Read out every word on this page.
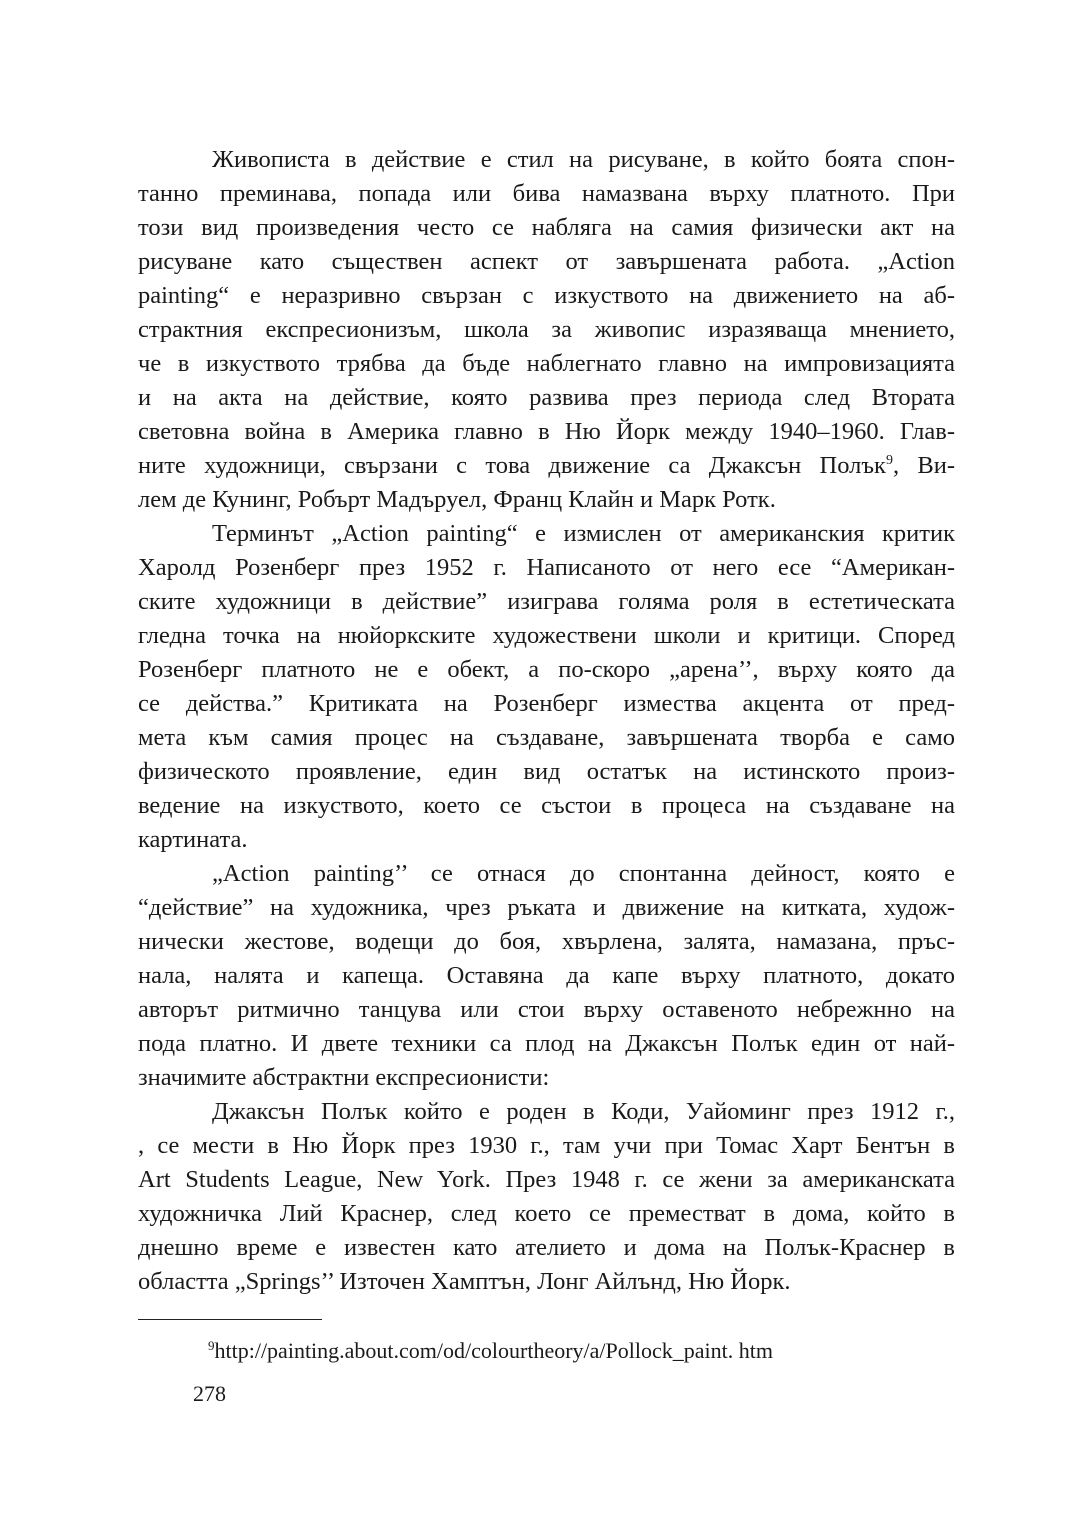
Живописта в действие е стил на рисуване, в който боята спон-
танно преминава, попада или бива намазвана върху платното. При
този вид произведения често се набляга на самия физически акт на
рисуване като съществен аспект от завършената работа. „Action
painting“ е неразривно свързан с изкуството на движението на аб-
страктния експресионизъм, школа за живопис изразяваща мнението,
че в изкуството трябва да бъде наблегнато главно на импровизацията
и на акта на действие, която развива през периода след Втората
световна война в Америка главно в Ню Йорк между 1940–1960. Глав-
ните художници, свързани с това движение са Джаксън Полък$^9$, Ви-
лем де Кунинг, Робърт Мадъруел, Франц Клайн и Марк Ротк.
Терминът „Action painting“ е измислен от американския критик
Харолд Розенберг през 1952 г. Написаното от него есе “Американ-
ските художници в действие” изиграва голяма роля в естетическата
гледна точка на нюйоркските художествени школи и критици. Според
Розенберг платното не е обект, а по-скоро „арена’’, върху която да
се действа.” Критиката на Розенберг измества акцента от пред-
мета към самия процес на създаване, завършената творба е само
физическото проявление, един вид остатък на истинското произ-
ведение на изкуството, което се състои в процеса на създаване на
картината.
„Action painting’’ се отнася до спонтанна дейност, която е
“действие” на художника, чрез ръката и движение на китката, худож-
нически жестове, водещи до боя, хвърлена, залята, намазана, пръс-
нала, налята и капеща. Оставяна да капе върху платното, докато
авторът ритмично танцува или стои върху оставеното небрежнно на
пода платно. И двете техники са плод на Джаксън Полък един от най-
значимите абстрактни експресионисти:
Джаксън Полък който е роден в Коди, Уайоминг през 1912 г.,
, се мести в Ню Йорк през 1930 г., там учи при Томас Харт Бентън в
Art Students League, New York. През 1948 г. се жени за американската
художничка Лий Краснер, след което се преместват в дома, който в
днешно време е известен като ателието и дома на Полък-Краснер в
областта „Springs’’ Източен Хамптън, Лонг Айлънд, Ню Йорк.
$^9$http://painting.about.com/od/colourtheory/a/Pollock_paint. htm
278
